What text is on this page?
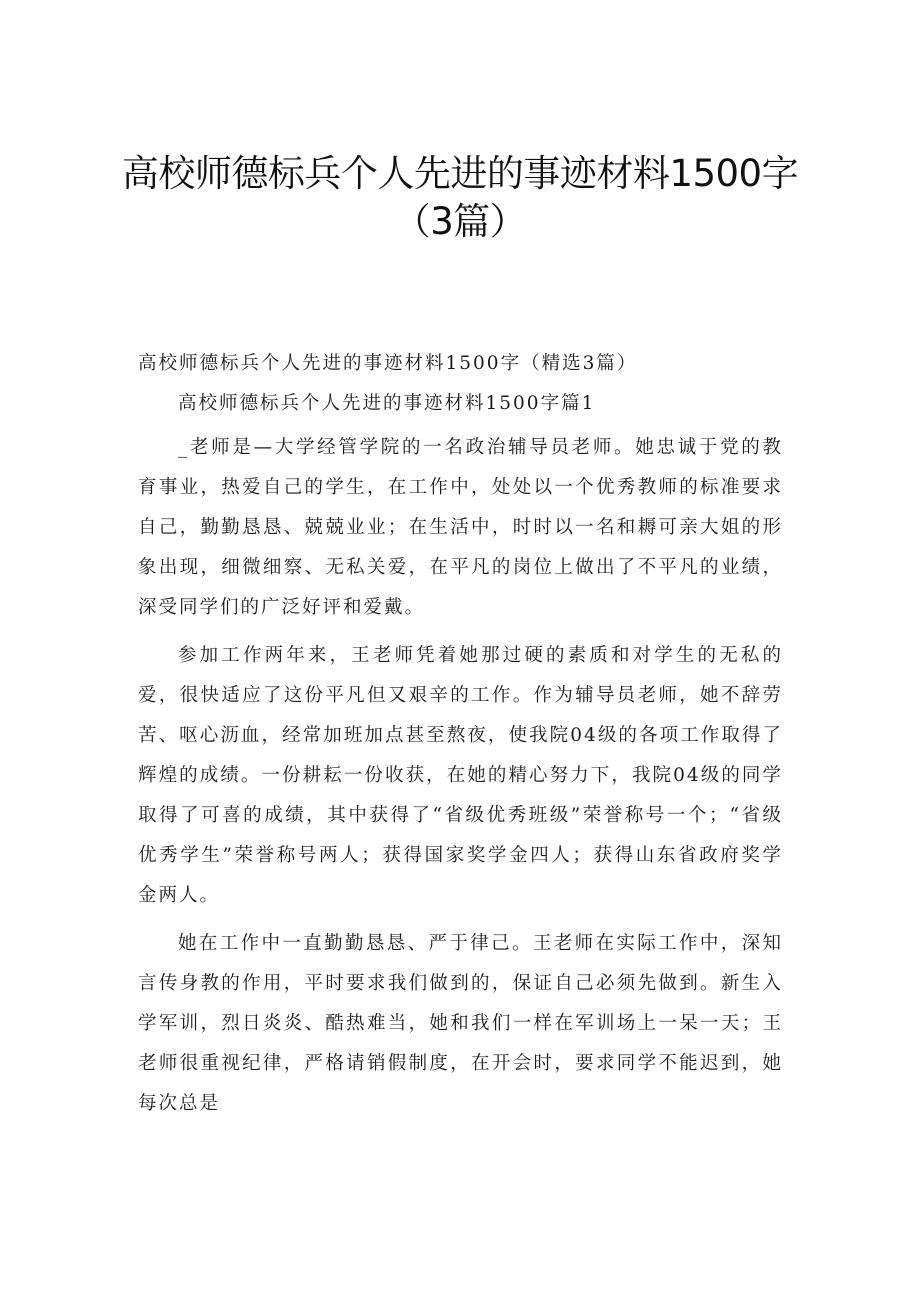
高校师德标兵个人先进的事迹材料1500字
（3篇）
高校师德标兵个人先进的事迹材料1500字（精选3篇）
高校师德标兵个人先进的事迹材料1500字篇1

_老师是—大学经管学院的一名政治辅导员老师。她忠诚于党的教育事业，热爱自己的学生，在工作中，处处以一个优秀教师的标准要求自己，勤勤恳恳、兢兢业业；在生活中，时时以一名和耨可亲大姐的形象出现，细微细察、无私关爱，在平凡的岗位上做出了不平凡的业绩，深受同学们的广泛好评和爱戴。

参加工作两年来，王老师凭着她那过硬的素质和对学生的无私的爱，很快适应了这份平凡但又艰辛的工作。作为辅导员老师，她不辞劳苦、呕心沥血，经常加班加点甚至熬夜，使我院04级的各项工作取得了辉煌的成绩。一份耕耘一份收获，在她的精心努力下，我院04级的同学取得了可喜的成绩，其中获得了“省级优秀班级”荣誉称号一个；“省级优秀学生”荣誉称号两人；获得国家奖学金四人；获得山东省政府奖学金两人。

她在工作中一直勤勤恳恳、严于律己。王老师在实际工作中，深知言传身教的作用，平时要求我们做到的，保证自己必须先做到。新生入学军训，烈日炎炎、酷热难当，她和我们一样在军训场上一呆一天；王老师很重视纪律，严格请销假制度，在开会时，要求同学不能迟到，她每次总是
